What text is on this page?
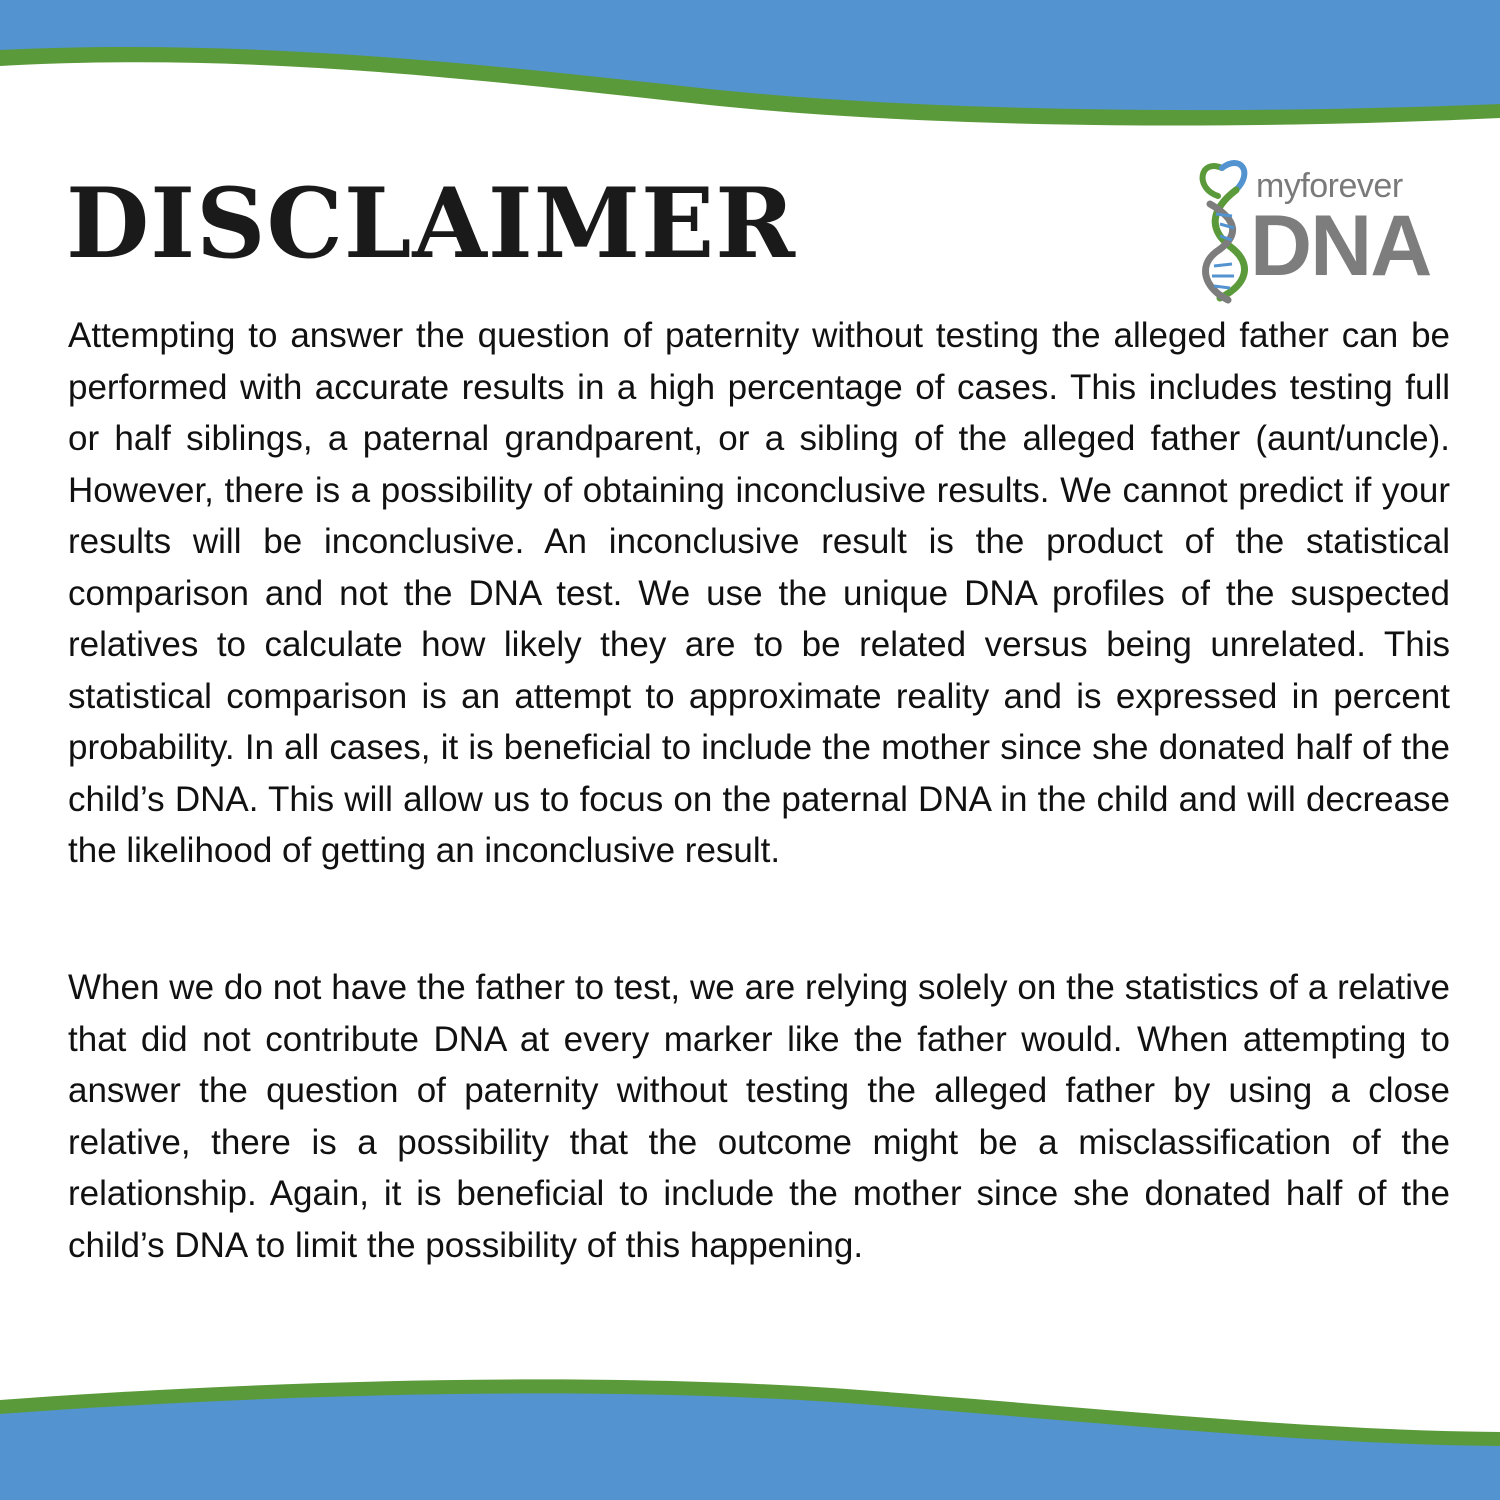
DISCLAIMER	myforever
DNA

Attempting to answer the question of paternity without testing the alleged father can be performed with accurate results in a high percentage of cases. This includes testing full or half siblings, a paternal grandparent, or a sibling of the alleged father (aunt/uncle). However, there is a possibility of obtaining inconclusive results. We cannot predict if your results will be inconclusive. An inconclusive result is the product of the statistical comparison and not the DNA test. We use the unique DNA profiles of the suspected relatives to calculate how likely they are to be related versus being unrelated. This statistical comparison is an attempt to approximate reality and is expressed in percent probability. In all cases, it is beneficial to include the mother since she donated half of the child’s DNA. This will allow us to focus on the paternal DNA in the child and will decrease the likelihood of getting an inconclusive result.

When we do not have the father to test, we are relying solely on the statistics of a relative that did not contribute DNA at every marker like the father would. When attempting to answer the question of paternity without testing the alleged father by using a close relative, there is a possibility that the outcome might be a misclassification of the relationship. Again, it is beneficial to include the mother since she donated half of the child’s DNA to limit the possibility of this happening.
